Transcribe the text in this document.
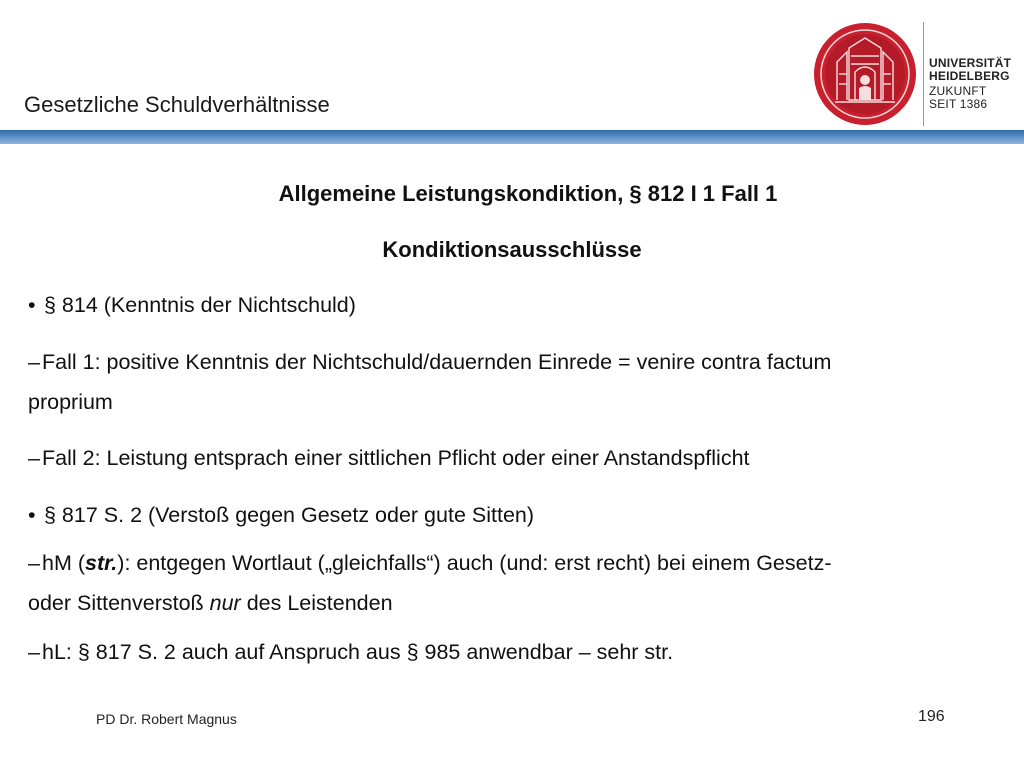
Gesetzliche Schuldverhältnisse
UNIVERSITÄT
HEIDELBERG
ZUKUNFT
SEIT 1386
Allgemeine Leistungskondiktion, § 812 I 1 Fall 1
Kondiktionsausschlüsse
• § 814 (Kenntnis der Nichtschuld)
–Fall 1: positive Kenntnis der Nichtschuld/dauernden Einrede = venire contra factum
proprium
–Fall 2: Leistung entsprach einer sittlichen Pflicht oder einer Anstandspflicht
• § 817 S. 2 (Verstoß gegen Gesetz oder gute Sitten)
–hM (str.): entgegen Wortlaut („gleichfalls“) auch (und: erst recht) bei einem Gesetz-
oder Sittenverstoß nur des Leistenden
–hL: § 817 S. 2 auch auf Anspruch aus § 985 anwendbar – sehr str.
PD Dr. Robert Magnus	196
